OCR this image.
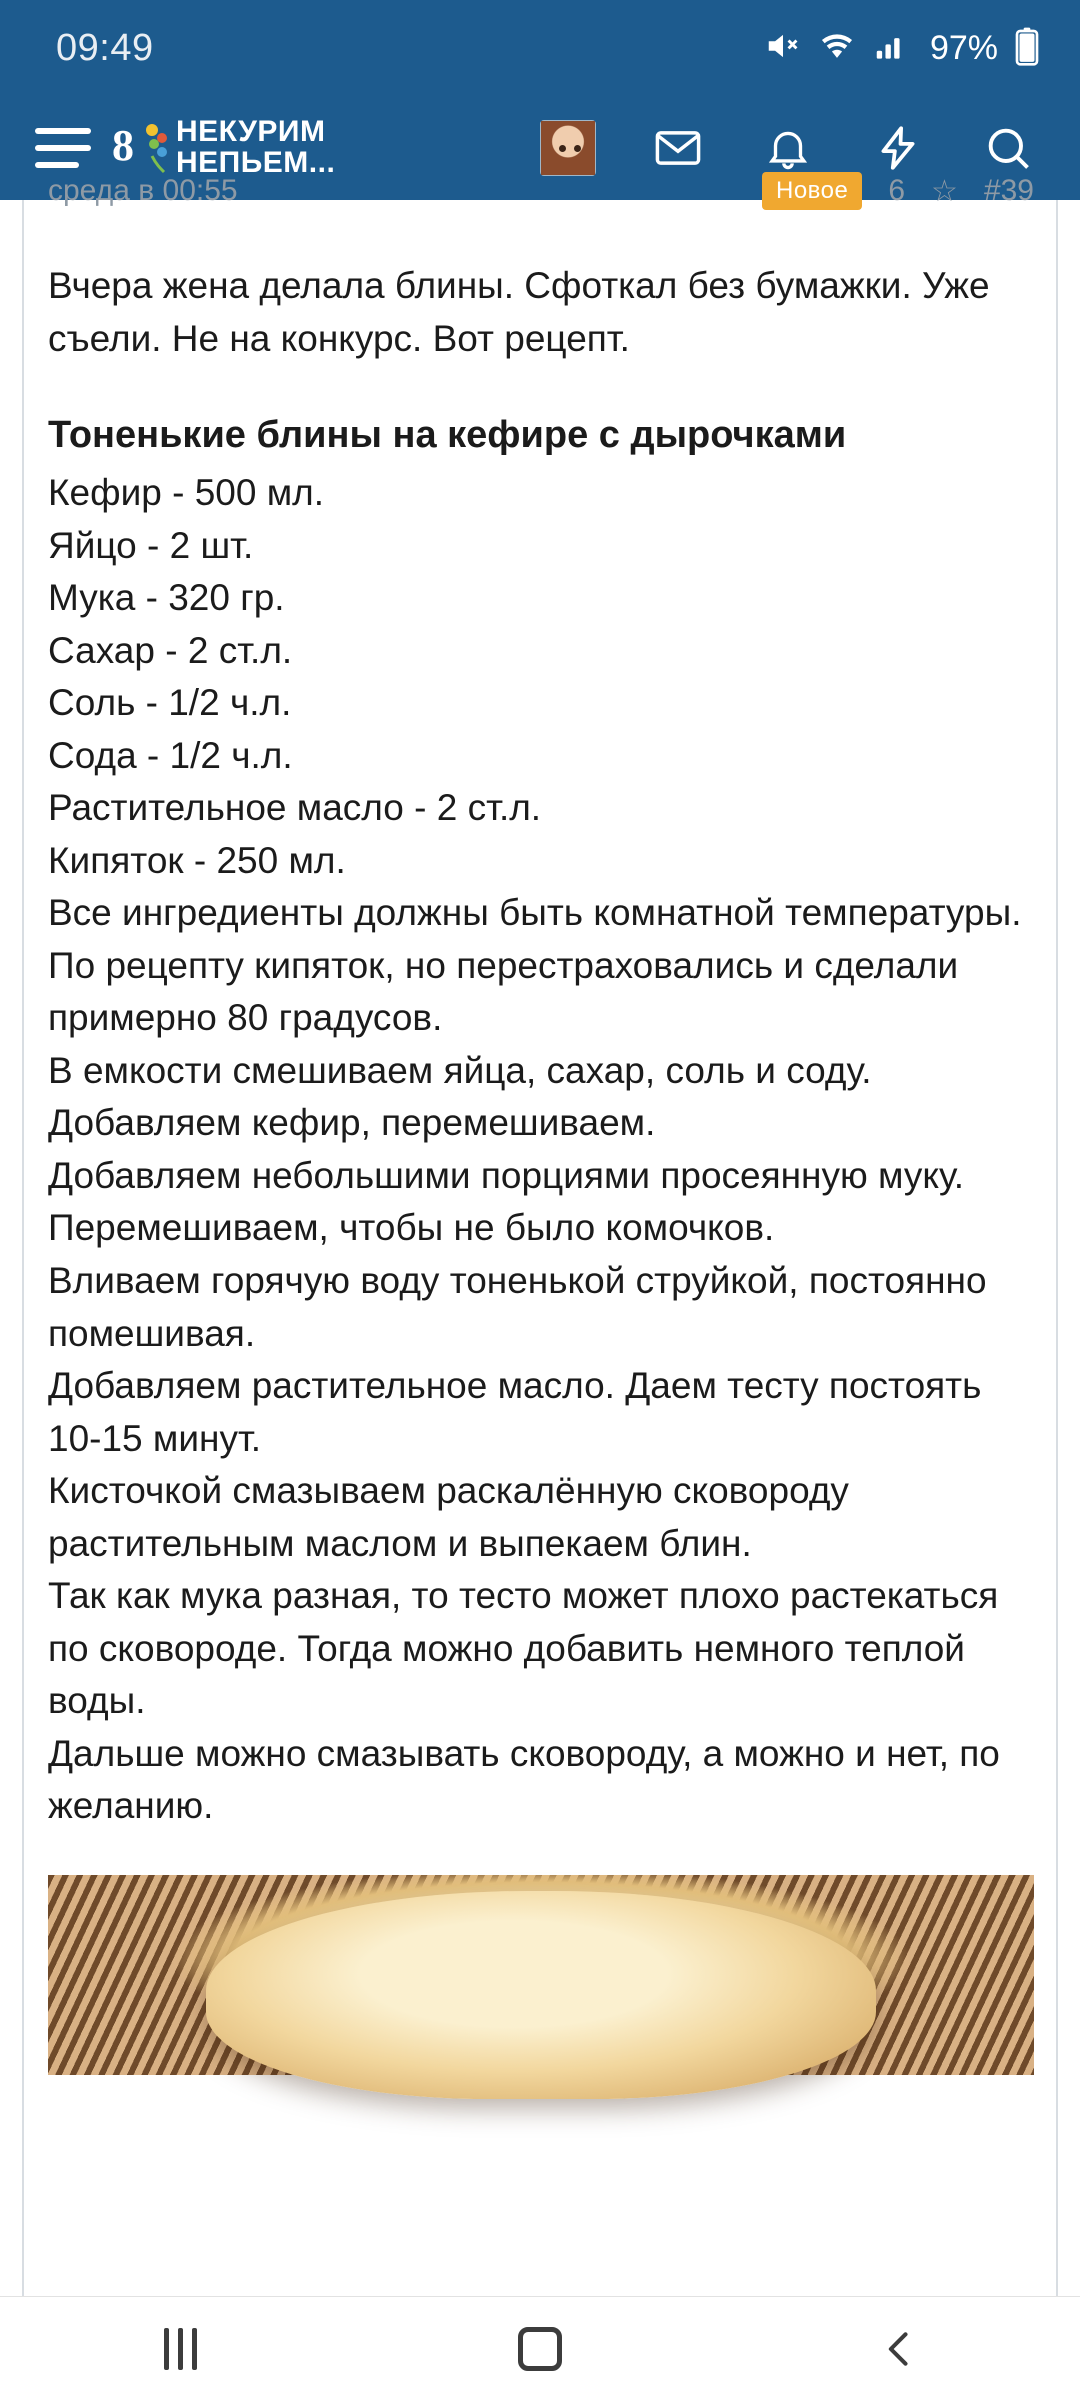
09:49	97%
8 НЕКУРИМ
НЕПЬЕМ...
среда в 00:55	Новое	6 ☆ #39
Вчера жена делала блины. Сфоткал без бумажки. Уже съели. Не на конкурс. Вот рецепт.
Тоненькие блины на кефире с дырочками
Кефир - 500 мл.
Яйцо - 2 шт.
Мука - 320 гр.
Сахар - 2 ст.л.
Соль - 1/2 ч.л.
Сода - 1/2 ч.л.
Растительное масло - 2 ст.л.
Кипяток - 250 мл.
Все ингредиенты должны быть комнатной температуры.
По рецепту кипяток, но перестраховались и сделали примерно 80 градусов.
В емкости смешиваем яйца, сахар, соль и соду.
Добавляем кефир, перемешиваем.
Добавляем небольшими порциями просеянную муку. Перемешиваем, чтобы не было комочков.
Вливаем горячую воду тоненькой струйкой, постоянно помешивая.
Добавляем растительное масло. Даем тесту постоять 10-15 минут.
Кисточкой смазываем раскалённую сковороду растительным маслом и выпекаем блин.
Так как мука разная, то тесто может плохо растекаться по сковороде. Тогда можно добавить немного теплой воды.
Дальше можно смазывать сковороду, а можно и нет, по желанию.
